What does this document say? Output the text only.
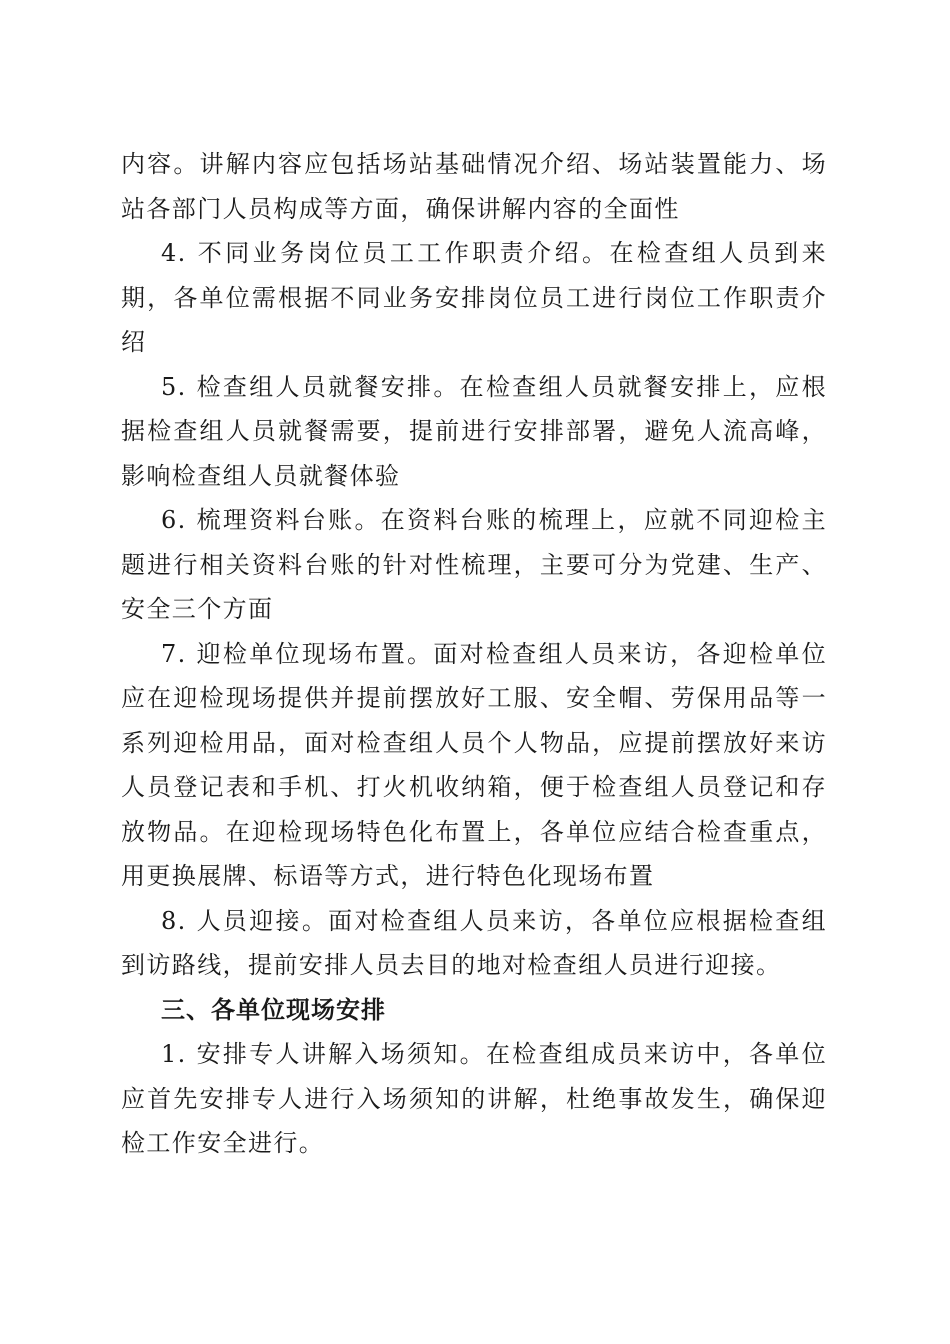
内容。讲解内容应包括场站基础情况介绍、场站装置能力、场站各部门人员构成等方面，确保讲解内容的全面性

4. 不同业务岗位员工工作职责介绍。在检查组人员到来期，各单位需根据不同业务安排岗位员工进行岗位工作职责介绍

5. 检查组人员就餐安排。在检查组人员就餐安排上，应根据检查组人员就餐需要，提前进行安排部署，避免人流高峰，影响检查组人员就餐体验

6. 梳理资料台账。在资料台账的梳理上，应就不同迎检主题进行相关资料台账的针对性梳理，主要可分为党建、生产、安全三个方面

7. 迎检单位现场布置。面对检查组人员来访，各迎检单位应在迎检现场提供并提前摆放好工服、安全帽、劳保用品等一系列迎检用品，面对检查组人员个人物品，应提前摆放好来访人员登记表和手机、打火机收纳箱，便于检查组人员登记和存放物品。在迎检现场特色化布置上，各单位应结合检查重点，用更换展牌、标语等方式，进行特色化现场布置

8. 人员迎接。面对检查组人员来访，各单位应根据检查组到访路线，提前安排人员去目的地对检查组人员进行迎接。

三、各单位现场安排

1. 安排专人讲解入场须知。在检查组成员来访中，各单位应首先安排专人进行入场须知的讲解，杜绝事故发生，确保迎检工作安全进行。
